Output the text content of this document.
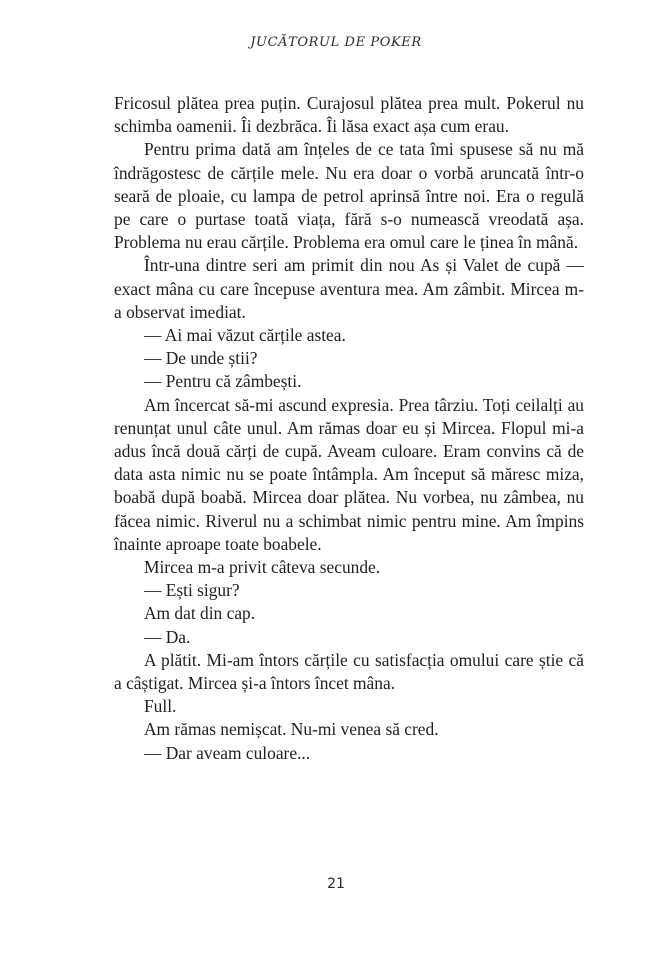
JUCĂTORUL DE POKER

Fricosul plătea prea puțin. Curajosul plătea prea mult. Pokerul nu schimba oamenii. Îi dezbrăca. Îi lăsa exact așa cum erau.

Pentru prima dată am înțeles de ce tata îmi spusese să nu mă îndrăgostesc de cărțile mele. Nu era doar o vorbă aruncată într-o seară de ploaie, cu lampa de petrol aprinsă între noi. Era o regulă pe care o purtase toată viața, fără s-o numească vreodată așa. Problema nu erau cărțile. Problema era omul care le ținea în mână.

Într-una dintre seri am primit din nou As și Valet de cupă — exact mâna cu care începuse aventura mea. Am zâmbit. Mircea m-a observat imediat.

— Ai mai văzut cărțile astea.

— De unde știi?

— Pentru că zâmbești.

Am încercat să-mi ascund expresia. Prea târziu. Toți ceilalți au renunțat unul câte unul. Am rămas doar eu și Mircea. Flopul mi-a adus încă două cărți de cupă. Aveam culoare. Eram convins că de data asta nimic nu se poate întâmpla. Am început să măresc miza, boabă după boabă. Mircea doar plătea. Nu vorbea, nu zâmbea, nu făcea nimic. Riverul nu a schimbat nimic pentru mine. Am împins înainte aproape toate boabele.

Mircea m-a privit câteva secunde.

— Ești sigur?

Am dat din cap.

— Da.

A plătit. Mi-am întors cărțile cu satisfacția omului care știe că a câștigat. Mircea și-a întors încet mâna.

Full.

Am rămas nemișcat. Nu-mi venea să cred.

— Dar aveam culoare...

21
